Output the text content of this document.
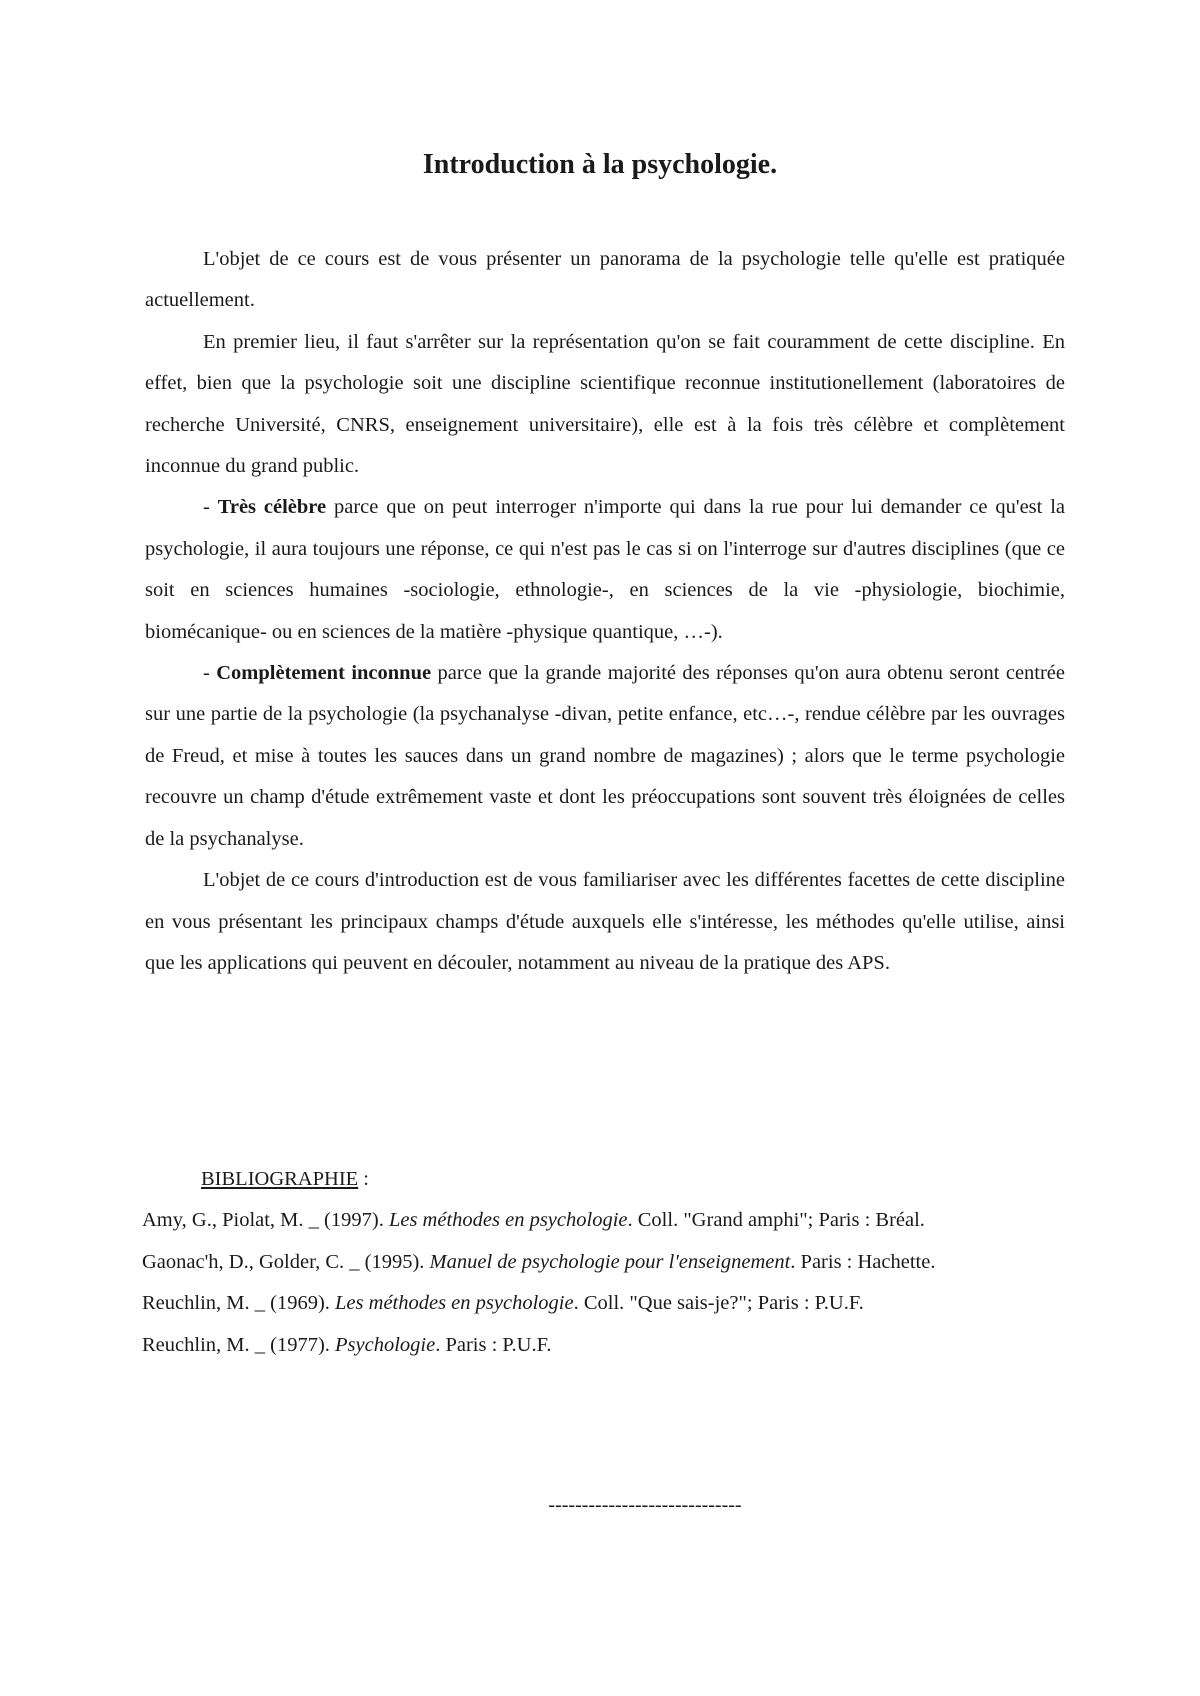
Introduction à la psychologie.

L'objet de ce cours est de vous présenter un panorama de la psychologie telle qu'elle est pratiquée actuellement.

En premier lieu, il faut s'arrêter sur la représentation qu'on se fait couramment de cette discipline. En effet, bien que la psychologie soit une discipline scientifique reconnue institutionellement (laboratoires de recherche Université, CNRS, enseignement universitaire), elle est à la fois très célèbre et complètement inconnue du grand public.

- Très célèbre parce que on peut interroger n'importe qui dans la rue pour lui demander ce qu'est la psychologie, il aura toujours une réponse, ce qui n'est pas le cas si on l'interroge sur d'autres disciplines (que ce soit en sciences humaines -sociologie, ethnologie-, en sciences de la vie -physiologie, biochimie, biomécanique- ou en sciences de la matière -physique quantique, …-).

- Complètement inconnue parce que la grande majorité des réponses qu'on aura obtenu seront centrée sur une partie de la psychologie (la psychanalyse -divan, petite enfance, etc…-, rendue célèbre par les ouvrages de Freud, et mise à toutes les sauces dans un grand nombre de magazines) ; alors que le terme psychologie recouvre un champ d'étude extrêmement vaste et dont les préoccupations sont souvent très éloignées de celles de la psychanalyse.

L'objet de ce cours d'introduction est de vous familiariser avec les différentes facettes de cette discipline en vous présentant les principaux champs d'étude auxquels elle s'intéresse, les méthodes qu'elle utilise, ainsi que les applications qui peuvent en découler, notamment au niveau de la pratique des APS.

BIBLIOGRAPHIE :

Amy, G., Piolat, M. _ (1997). Les méthodes en psychologie. Coll. "Grand amphi"; Paris : Bréal.

Gaonac'h, D., Golder, C. _ (1995). Manuel de psychologie pour l'enseignement. Paris : Hachette.

Reuchlin, M. _ (1969). Les méthodes en psychologie. Coll. "Que sais-je?"; Paris : P.U.F.

Reuchlin, M. _ (1977). Psychologie. Paris : P.U.F.

-----------------------------
